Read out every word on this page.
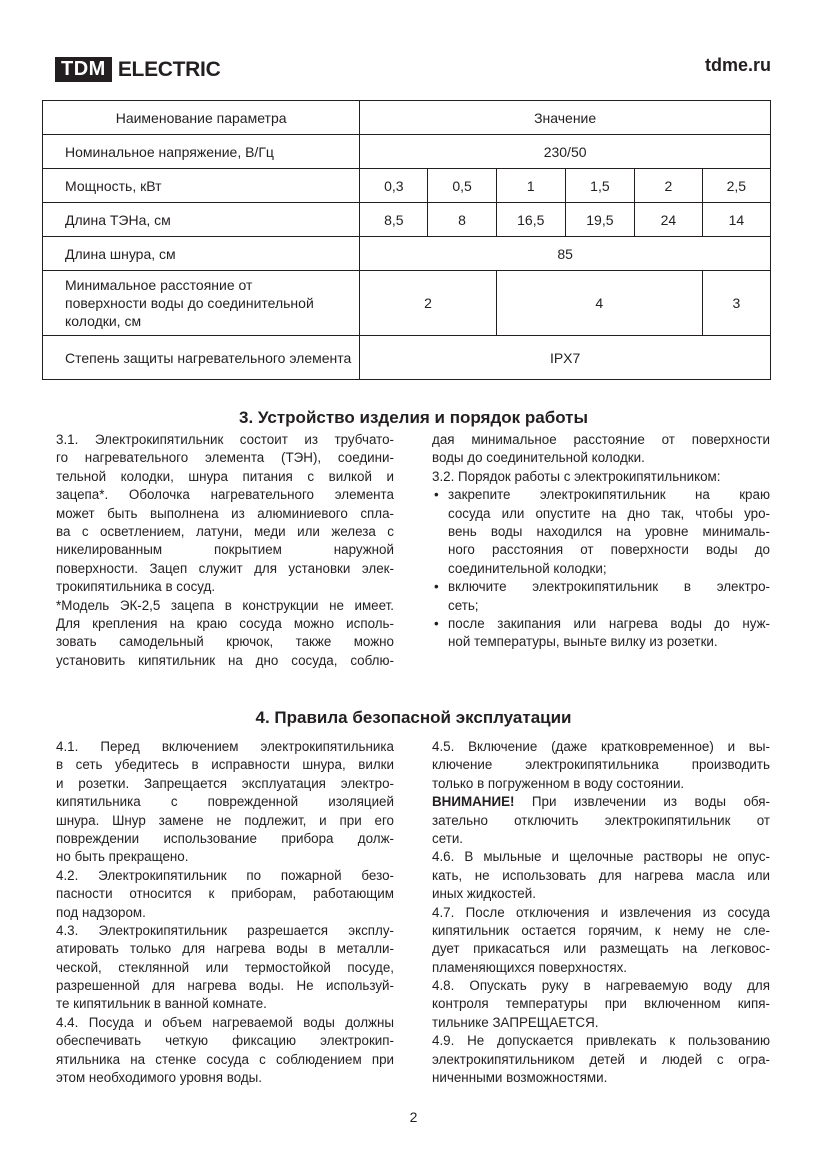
TDM ELECTRIC	tdme.ru
Наименование параметра	Значение					
Номинальное напряжение, В/Гц	230/50					
Мощность, кВт	0,3	0,5	1	1,5	2	2,5
Длина ТЭНа, см	8,5	8	16,5	19,5	24	14
Длина шнура, см	85					
Минимальное расстояние от поверхности воды до соединительной колодки, см	2		4			3
Степень защиты нагревательного элемента	IPX7					
3. Устройство изделия и порядок работы
3.1. Электрокипятильник состоит из трубчато-
го нагревательного элемента (ТЭН), соедини-
тельной колодки, шнура питания с вилкой и
зацепа*. Оболочка нагревательного элемента
может быть выполнена из алюминиевого спла-
ва с осветлением, латуни, меди или железа с
никелированным покрытием наружной
поверхности. Зацеп служит для установки элек-
трокипятильника в сосуд.
*Модель ЭК-2,5 зацепа в конструкции не имеет.
Для крепления на краю сосуда можно исполь-
зовать самодельный крючок, также можно
установить кипятильник на дно сосуда, соблю-
дая минимальное расстояние от поверхности
воды до соединительной колодки.
3.2. Порядок работы с электрокипятильником:
• закрепите электрокипятильник на краю
сосуда или опустите на дно так, чтобы уро-
вень воды находился на уровне минималь-
ного расстояния от поверхности воды до
соединительной колодки;
• включите электрокипятильник в электро-
сеть;
• после закипания или нагрева воды до нуж-
ной температуры, выньте вилку из розетки.
4. Правила безопасной эксплуатации
4.1. Перед включением электрокипятильника
в сеть убедитесь в исправности шнура, вилки
и розетки. Запрещается эксплуатация электро-
кипятильника с поврежденной изоляцией
шнура. Шнур замене не подлежит, и при его
повреждении использование прибора долж-
но быть прекращено.
4.2. Электрокипятильник по пожарной безо-
пасности относится к приборам, работающим
под надзором.
4.3. Электрокипятильник разрешается эксплу-
атировать только для нагрева воды в металли-
ческой, стеклянной или термостойкой посуде,
разрешенной для нагрева воды. Не используй-
те кипятильник в ванной комнате.
4.4. Посуда и объем нагреваемой воды должны
обеспечивать четкую фиксацию электрокип-
ятильника на стенке сосуда с соблюдением при
этом необходимого уровня воды.
4.5. Включение (даже кратковременное) и вы-
ключение электрокипятильника производить
только в погруженном в воду состоянии.
ВНИМАНИЕ! При извлечении из воды обя-
зательно отключить электрокипятильник от
сети.
4.6. В мыльные и щелочные растворы не опус-
кать, не использовать для нагрева масла или
иных жидкостей.
4.7. После отключения и извлечения из сосуда
кипятильник остается горячим, к нему не сле-
дует прикасаться или размещать на легковос-
пламеняющихся поверхностях.
4.8. Опускать руку в нагреваемую воду для
контроля температуры при включенном кипя-
тильнике ЗАПРЕЩАЕТСЯ.
4.9. Не допускается привлекать к пользованию
электрокипятильником детей и людей с огра-
ниченными возможностями.
2
